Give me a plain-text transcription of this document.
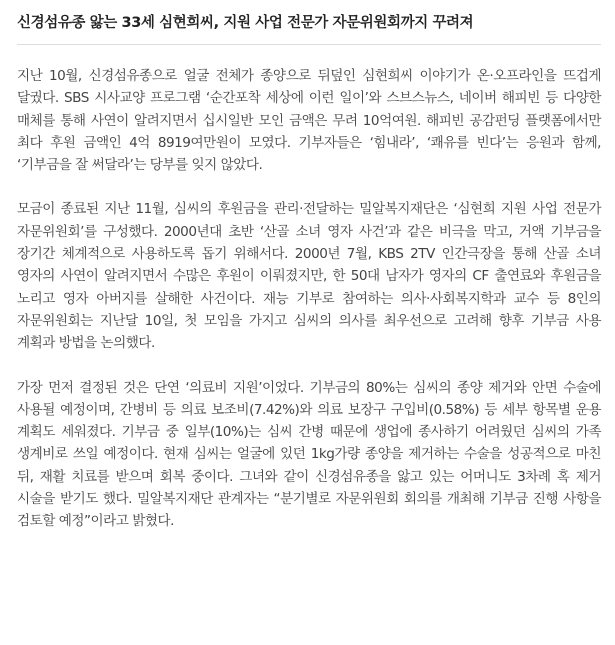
신경섬유종 앓는 33세 심현희씨, 지원 사업 전문가 자문위원회까지 꾸려져

지난 10월, 신경섬유종으로 얼굴 전체가 종양으로 뒤덮인 심현희씨 이야기가 온·오프라인을 뜨겁게 달궜다. SBS 시사교양 프로그램 ‘순간포착 세상에 이런 일이’와 스브스뉴스, 네이버 해피빈 등 다양한 매체를 통해 사연이 알려지면서 십시일반 모인 금액은 무려 10억여원. 해피빈 공감펀딩 플랫폼에서만 최다 후원 금액인 4억 8919여만원이 모였다. 기부자들은 ‘힘내라’, ‘쾌유를 빈다’는 응원과 함께, ‘기부금을 잘 써달라’는 당부를 잊지 않았다.

모금이 종료된 지난 11월, 심씨의 후원금을 관리·전달하는 밀알복지재단은 ‘심현희 지원 사업 전문가 자문위원회’를 구성했다. 2000년대 초반 ‘산골 소녀 영자 사건’과 같은 비극을 막고, 거액 기부금을 장기간 체계적으로 사용하도록 돕기 위해서다. 2000년 7월, KBS 2TV 인간극장을 통해 산골 소녀 영자의 사연이 알려지면서 수많은 후원이 이뤄졌지만, 한 50대 남자가 영자의 CF 출연료와 후원금을 노리고 영자 아버지를 살해한 사건이다. 재능 기부로 참여하는 의사·사회복지학과 교수 등 8인의 자문위원회는 지난달 10일, 첫 모임을 가지고 심씨의 의사를 최우선으로 고려해 향후 기부금 사용 계획과 방법을 논의했다.

가장 먼저 결정된 것은 단연 ‘의료비 지원’이었다. 기부금의 80%는 심씨의 종양 제거와 안면 수술에 사용될 예정이며, 간병비 등 의료 보조비(7.42%)와 의료 보장구 구입비(0.58%) 등 세부 항목별 운용 계획도 세워졌다. 기부금 중 일부(10%)는 심씨 간병 때문에 생업에 종사하기 어려웠던 심씨의 가족 생계비로 쓰일 예정이다. 현재 심씨는 얼굴에 있던 1kg가량 종양을 제거하는 수술을 성공적으로 마친 뒤, 재활 치료를 받으며 회복 중이다. 그녀와 같이 신경섬유종을 앓고 있는 어머니도 3차례 혹 제거 시술을 받기도 했다. 밀알복지재단 관계자는 “분기별로 자문위원회 회의를 개최해 기부금 진행 사항을 검토할 예정”이라고 밝혔다.
